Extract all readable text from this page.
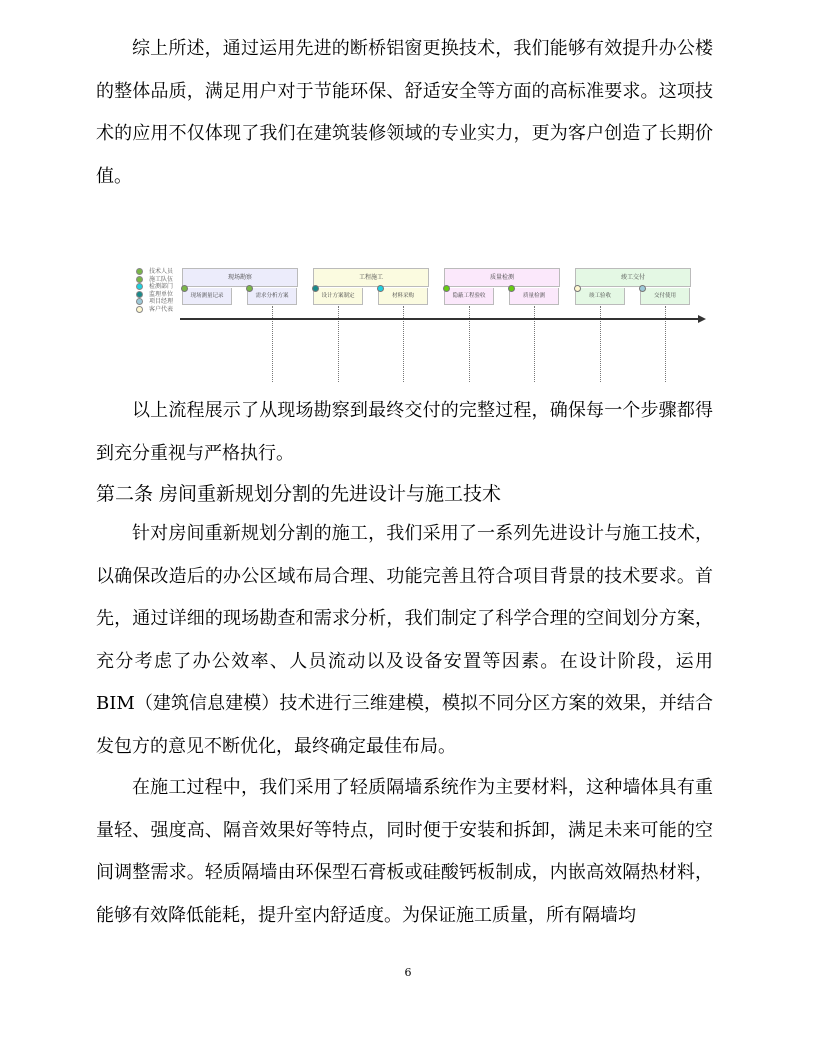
综上所述，通过运用先进的断桥铝窗更换技术，我们能够有效提升办公楼的整体品质，满足用户对于节能环保、舒适安全等方面的高标准要求。这项技术的应用不仅体现了我们在建筑装修领域的专业实力，更为客户创造了长期价值。

技术人员
施工队伍
检测部门
监理单位
项目经理
客户代表
现场勘察
现场测量记录	需求分析方案
工程施工
设计方案制定	材料采购
质量检测
隐蔽工程验收	质量检测
竣工交付
竣工验收	交付使用

以上流程展示了从现场勘察到最终交付的完整过程，确保每一个步骤都得到充分重视与严格执行。

第二条 房间重新规划分割的先进设计与施工技术

针对房间重新规划分割的施工，我们采用了一系列先进设计与施工技术，以确保改造后的办公区域布局合理、功能完善且符合项目背景的技术要求。首先，通过详细的现场勘查和需求分析，我们制定了科学合理的空间划分方案，充分考虑了办公效率、人员流动以及设备安置等因素。在设计阶段，运用 BIM（建筑信息建模）技术进行三维建模，模拟不同分区方案的效果，并结合发包方的意见不断优化，最终确定最佳布局。

在施工过程中，我们采用了轻质隔墙系统作为主要材料，这种墙体具有重量轻、强度高、隔音效果好等特点，同时便于安装和拆卸，满足未来可能的空间调整需求。轻质隔墙由环保型石膏板或硅酸钙板制成，内嵌高效隔热材料，能够有效降低能耗，提升室内舒适度。为保证施工质量，所有隔墙均

6
